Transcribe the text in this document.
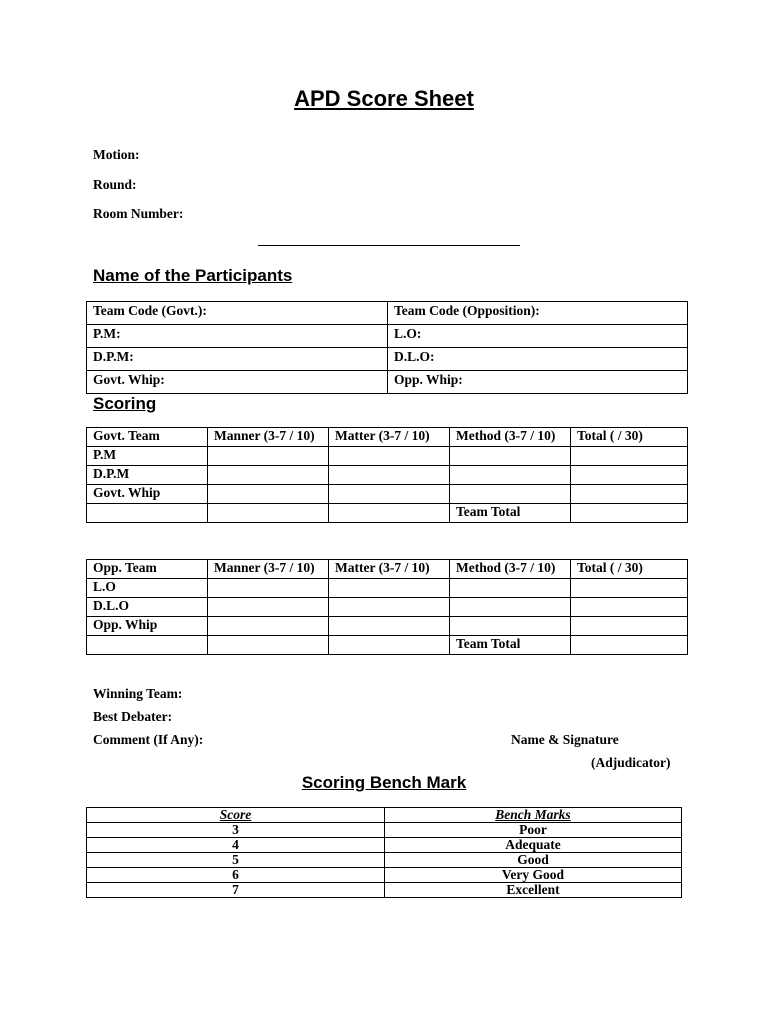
APD Score Sheet
Motion:
Round:
Room Number:
Name of the Participants
Team Code (Govt.):	Team Code (Opposition):
P.M:	L.O:
D.P.M:	D.L.O:
Govt. Whip:	Opp. Whip:
Scoring
Govt. Team	Manner (3-7 / 10)	Matter (3-7 / 10)	Method (3-7 / 10)	Total ( / 30)
P.M				
D.P.M				
Govt. Whip				
			Team Total	
Opp. Team	Manner (3-7 / 10)	Matter (3-7 / 10)	Method (3-7 / 10)	Total ( / 30)
L.O				
D.L.O				
Opp. Whip				
			Team Total	
Winning Team:
Best Debater:
Comment (If Any):	Name & Signature
(Adjudicator)
Scoring Bench Mark
Score	Bench Marks
3	Poor
4	Adequate
5	Good
6	Very Good
7	Excellent
